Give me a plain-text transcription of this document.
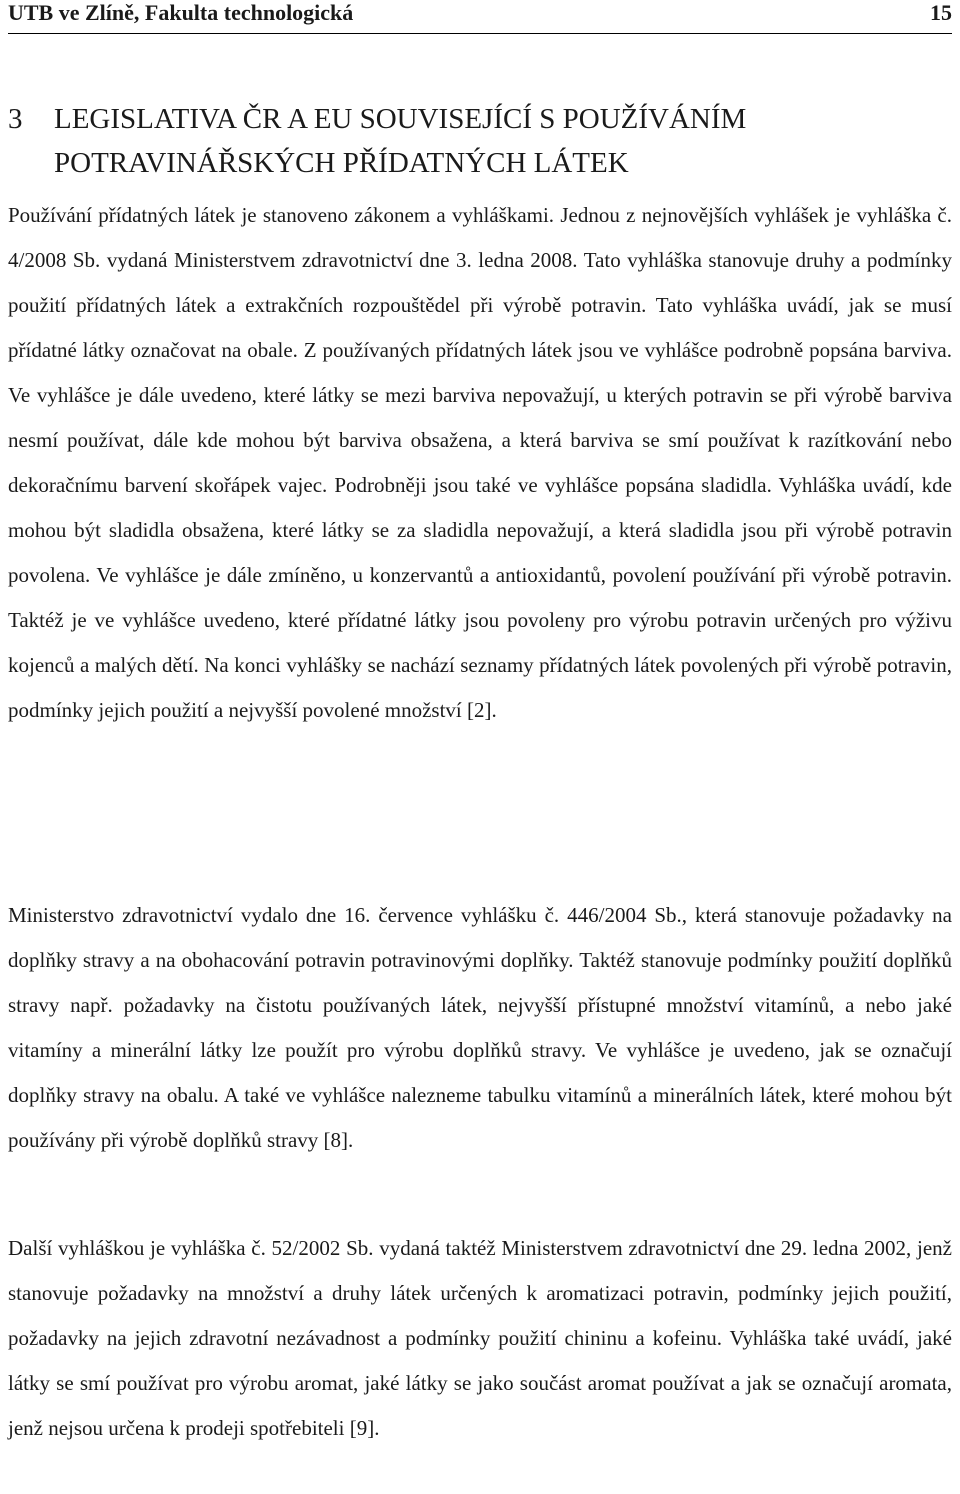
UTB ve Zlíně, Fakultа technologická	15
3 LEGISLATIVA ČR A EU SOUVISEJÍCÍ S POUŽÍVÁNÍM POTRAVINÁŘSKÝCH PŘÍDATNÝCH LÁTEK

Používání přídatných látek je stanoveno zákonem a vyhláškami. Jednou z nejnovějších vyhlášek je vyhláška č. 4/2008 Sb. vydaná Ministerstvem zdravotnictví dne 3. ledna 2008. Tato vyhláška stanovuje druhy a podmínky použití přídatných látek a extrakčních rozpouštědel při výrobě potravin. Tato vyhláška uvádí, jak se musí přídatné látky označovat na obale. Z používaných přídatných látek jsou ve vyhlášce podrobně popsána barviva. Ve vyhlášce je dále uvedeno, které látky se mezi barviva nepovažují, u kterých potravin se při výrobě barviva nesmí používat, dále kde mohou být barviva obsažena, a která barviva se smí používat k razítkování nebo dekoračnímu barvení skořápek vajec. Podrobněji jsou také ve vyhlášce popsána sladidla. Vyhláška uvádí, kde mohou být sladidla obsažena, které látky se za sladidla nepovažují, a která sladidla jsou při výrobě potravin povolena. Ve vyhlášce je dále zmíněno, u konzervantů a antioxidantů, povolení používání při výrobě potravin. Taktéž je ve vyhlášce uvedeno, které přídatné látky jsou povoleny pro výrobu potravin určených pro výživu kojenců a malých dětí. Na konci vyhlášky se nachází seznamy přídatných látek povolených při výrobě potravin, podmínky jejich použití a nejvyšší povolené množství [2].

Ministerstvo zdravotnictví vydalo dne 16. července vyhlášku č. 446/2004 Sb., která stanovuje požadavky na doplňky stravy a na obohacování potravin potravinovými doplňky. Taktéž stanovuje podmínky použití doplňků stravy např. požadavky na čistotu používaných látek, nejvyšší přístupné množství vitamínů, a nebo jaké vitamíny a minerální látky lze použít pro výrobu doplňků stravy. Ve vyhlášce je uvedeno, jak se označují doplňky stravy na obalu. A také ve vyhlášce nalezneme tabulku vitamínů a minerálních látek, které mohou být používány při výrobě doplňků stravy [8].

Další vyhláškou je vyhláška č. 52/2002 Sb. vydaná taktéž Ministerstvem zdravotnictví dne 29. ledna 2002, jenž stanovuje požadavky na množství a druhy látek určených k aromatizaci potravin, podmínky jejich použití, požadavky na jejich zdravotní nezávadnost a podmínky použití chininu a kofeinu. Vyhláška také uvádí, jaké látky se smí používat pro výrobu aromat, jaké látky se jako součást aromat používat a jak se označují aromata, jenž nejsou určena k prodeji spotřebiteli [9].
